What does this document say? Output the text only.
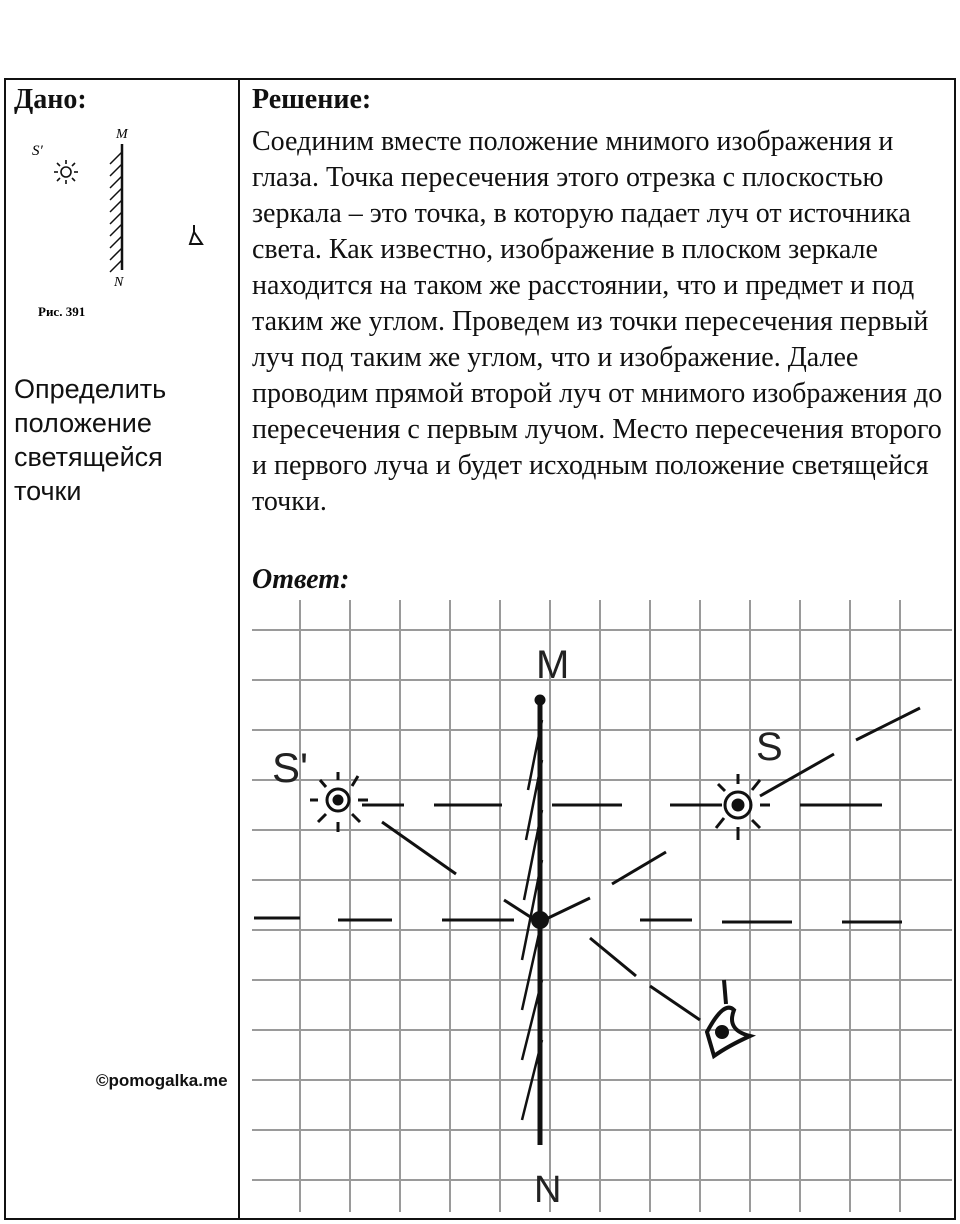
Дано:
S′
M
N
Рис. 391
Определить положение светящейся точки
Решение:
Соединим вместе положение мнимого изображения и глаза. Точка пересечения этого отрезка с плоскостью зеркала – это точка, в которую падает луч от источника света. Как известно, изображение в плоском зеркале находится на таком же расстоянии, что и предмет и под таким же углом. Проведем из точки пересечения первый луч под таким же углом, что и изображение. Далее проводим прямой второй луч от мнимого изображения до пересечения с первым лучом. Место пересечения второго и первого луча и будет исходным положение светящейся точки.
Ответ:
M
S'	S
N
©pomogalka.me
